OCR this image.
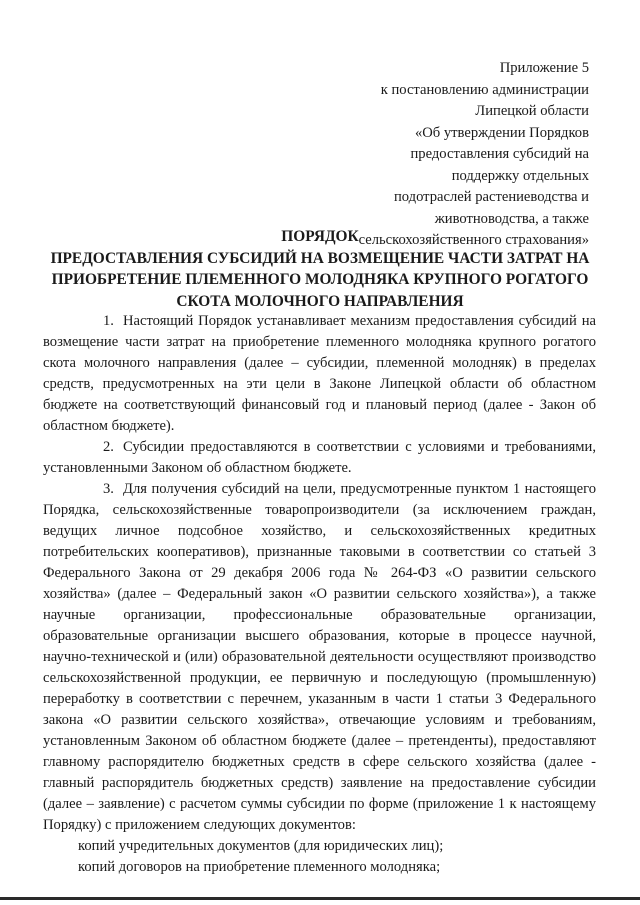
Приложение 5
к постановлению администрации
Липецкой области
«Об утверждении Порядков
предоставления субсидий на
поддержку отдельных
подотраслей растениеводства и
животноводства, а также
сельскохозяйственного страхования»
ПОРЯДОК
ПРЕДОСТАВЛЕНИЯ СУБСИДИЙ НА ВОЗМЕЩЕНИЕ ЧАСТИ ЗАТРАТ НА
ПРИОБРЕТЕНИЕ ПЛЕМЕННОГО МОЛОДНЯКА КРУПНОГО РОГАТОГО
СКОТА МОЛОЧНОГО НАПРАВЛЕНИЯ

1. Настоящий Порядок устанавливает механизм предоставления субсидий на возмещение части затрат на приобретение племенного молодняка крупного рогатого скота молочного направления (далее – субсидии, племенной молодняк) в пределах средств, предусмотренных на эти цели в Законе Липецкой области об областном бюджете на соответствующий финансовый год и плановый период (далее - Закон об областном бюджете).

2. Субсидии предоставляются в соответствии с условиями и требованиями, установленными Законом об областном бюджете.

3. Для получения субсидий на цели, предусмотренные пунктом 1 настоящего Порядка, сельскохозяйственные товаропроизводители (за исключением граждан, ведущих личное подсобное хозяйство, и сельскохозяйственных кредитных потребительских кооперативов), признанные таковыми в соответствии со статьей 3 Федерального Закона от 29 декабря 2006 года № 264-ФЗ «О развитии сельского хозяйства» (далее – Федеральный закон «О развитии сельского хозяйства»), а также научные организации, профессиональные образовательные организации, образовательные организации высшего образования, которые в процессе научной, научно-технической и (или) образовательной деятельности осуществляют производство сельскохозяйственной продукции, ее первичную и последующую (промышленную) переработку в соответствии с перечнем, указанным в части 1 статьи 3 Федерального закона «О развитии сельского хозяйства», отвечающие условиям и требованиям, установленным Законом об областном бюджете (далее – претенденты), предоставляют главному распорядителю бюджетных средств в сфере сельского хозяйства (далее - главный распорядитель бюджетных средств) заявление на предоставление субсидии (далее – заявление) с расчетом суммы субсидии по форме (приложение 1 к настоящему Порядку) с приложением следующих документов:

копий учредительных документов (для юридических лиц);

копий договоров на приобретение племенного молодняка;
